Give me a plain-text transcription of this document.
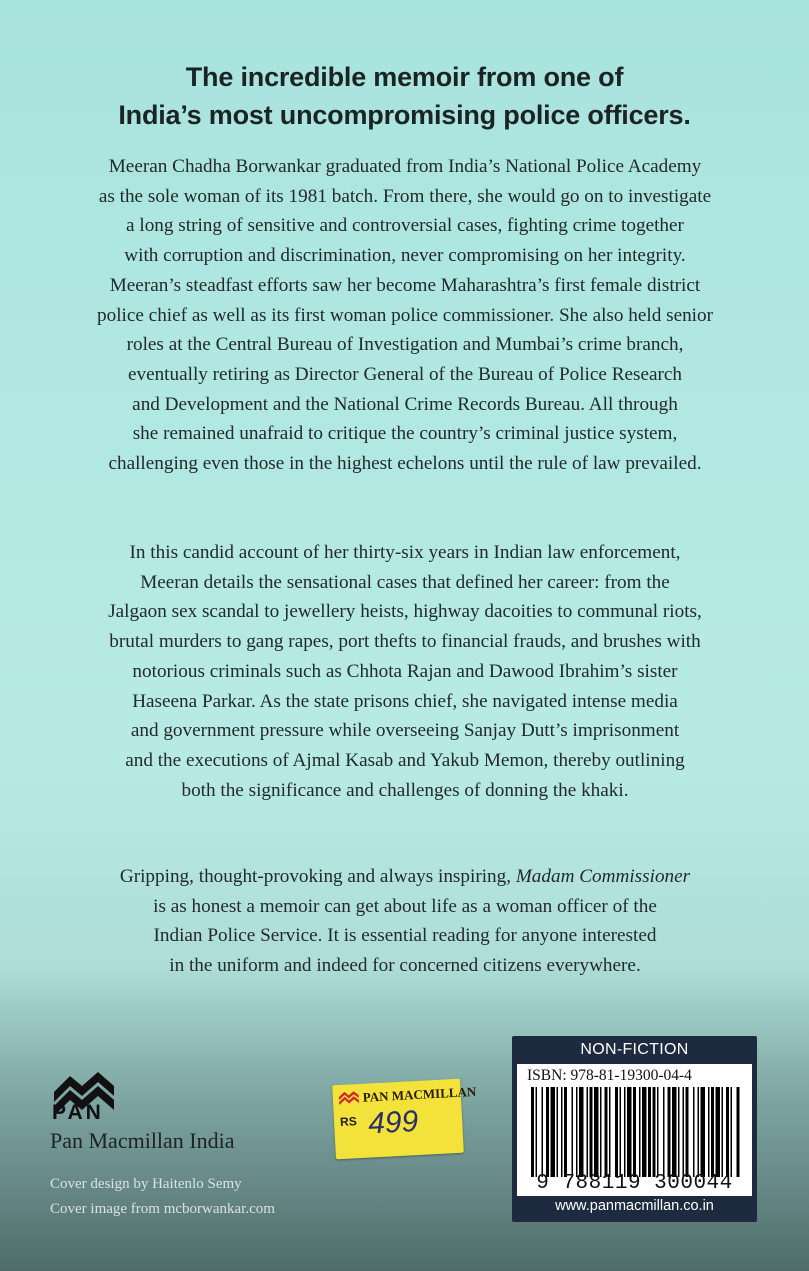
The incredible memoir from one of
India’s most uncompromising police officers.
Meeran Chadha Borwankar graduated from India’s National Police Academy
as the sole woman of its 1981 batch. From there, she would go on to investigate
a long string of sensitive and controversial cases, fighting crime together
with corruption and discrimination, never compromising on her integrity.
Meeran’s steadfast efforts saw her become Maharashtra’s first female district
police chief as well as its first woman police commissioner. She also held senior
roles at the Central Bureau of Investigation and Mumbai’s crime branch,
eventually retiring as Director General of the Bureau of Police Research
and Development and the National Crime Records Bureau. All through
she remained unafraid to critique the country’s criminal justice system,
challenging even those in the highest echelons until the rule of law prevailed.
In this candid account of her thirty-six years in Indian law enforcement,
Meeran details the sensational cases that defined her career: from the
Jalgaon sex scandal to jewellery heists, highway dacoities to communal riots,
brutal murders to gang rapes, port thefts to financial frauds, and brushes with
notorious criminals such as Chhota Rajan and Dawood Ibrahim’s sister
Haseena Parkar. As the state prisons chief, she navigated intense media
and government pressure while overseeing Sanjay Dutt’s imprisonment
and the executions of Ajmal Kasab and Yakub Memon, thereby outlining
both the significance and challenges of donning the khaki.
Gripping, thought-provoking and always inspiring, Madam Commissioner
is as honest a memoir can get about life as a woman officer of the
Indian Police Service. It is essential reading for anyone interested
in the uniform and indeed for concerned citizens everywhere.
PAN
Pan Macmillan India
Cover design by Haitenlo Semy
Cover image from mcborwankar.com
PAN MACMILLAN
RS 499
NON-FICTION
ISBN: 978-81-19300-04-4
9 788119 300044
www.panmacmillan.co.in
